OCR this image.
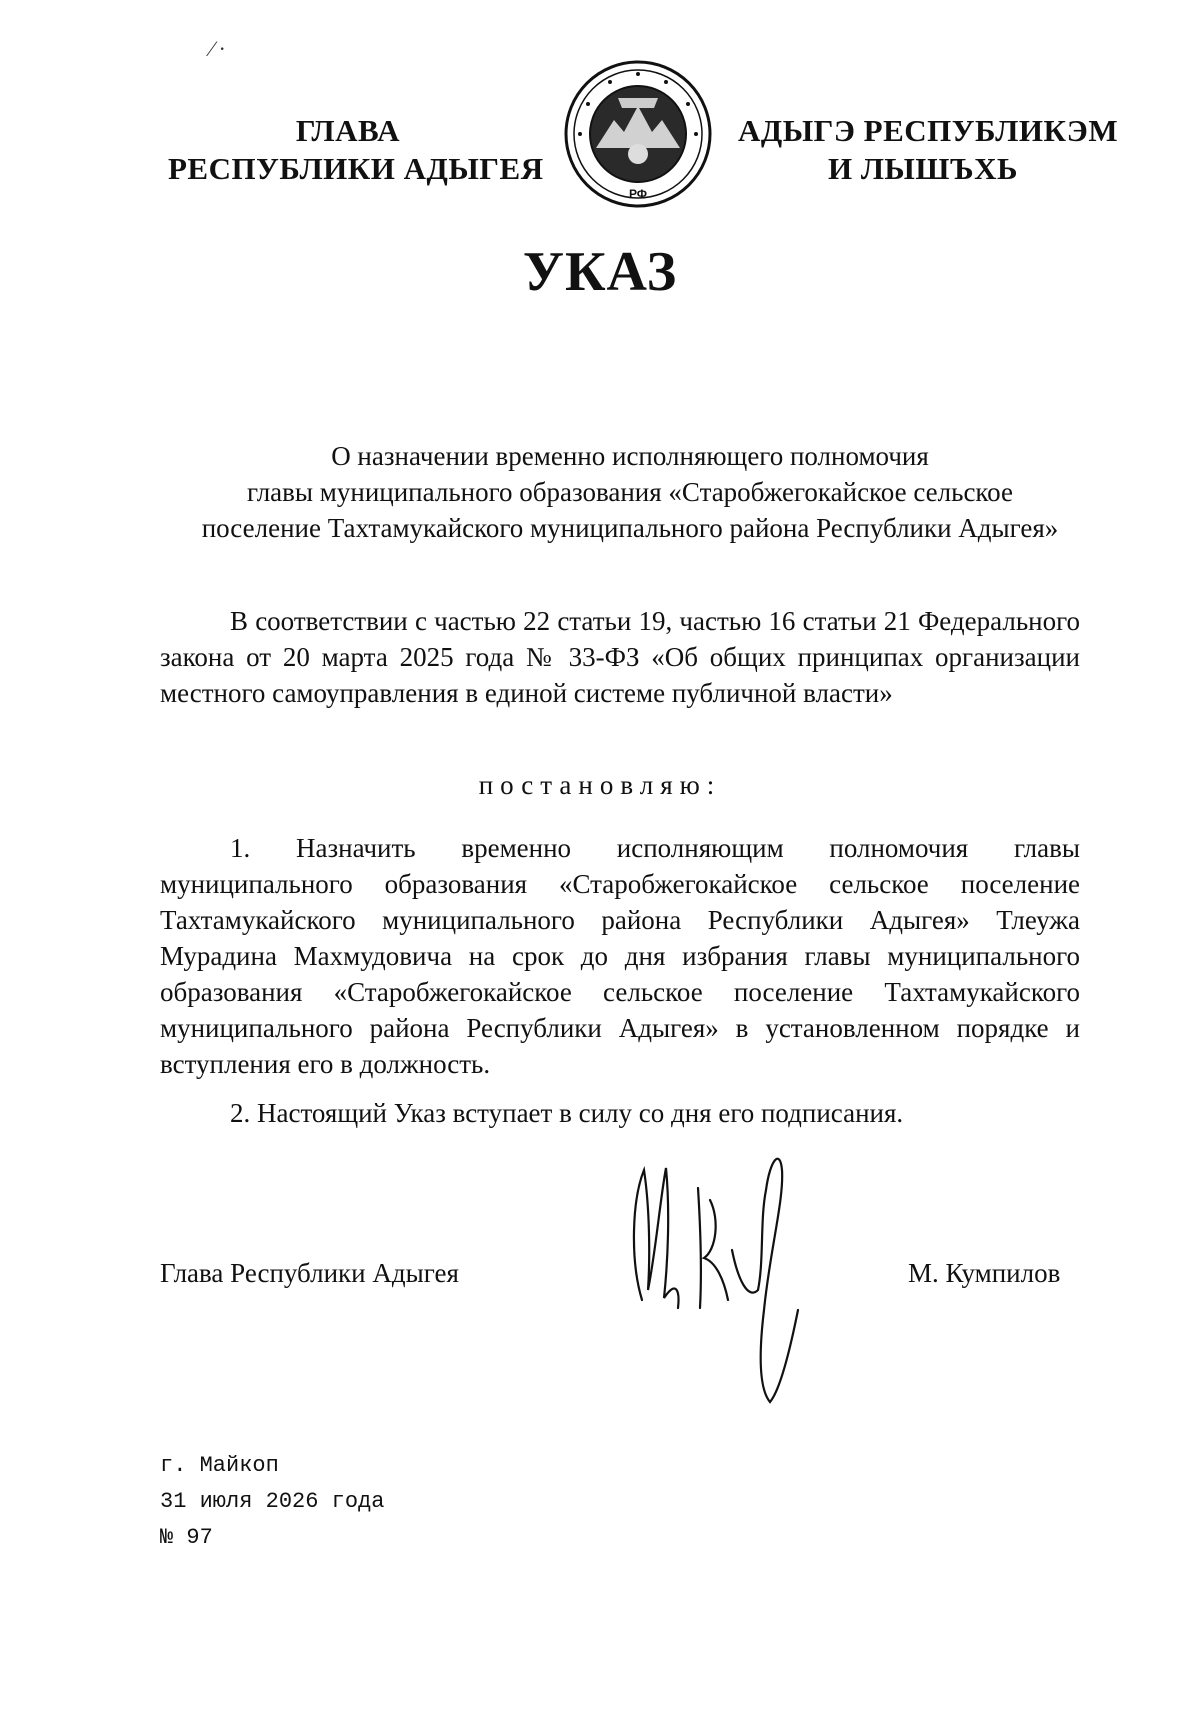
⁄ ·
ГЛАВА
РЕСПУБЛИКИ АДЫГЕЯ
РФ
АДЫГЭ РЕСПУБЛИКЭМ
И ЛЫШЪХЬ
УКАЗ
О назначении временно исполняющего полномочия
главы муниципального образования «Старобжегокайское сельское
поселение Тахтамукайского муниципального района Республики Адыгея»
В соответствии с частью 22 статьи 19, частью 16 статьи 21 Федерального закона от 20 марта 2025 года № 33-ФЗ «Об общих принципах организации местного самоуправления в единой системе публичной власти»
постановляю:
1. Назначить временно исполняющим полномочия главы муниципального образования «Старобжегокайское сельское поселение Тахтамукайского муниципального района Республики Адыгея» Тлеужа Мурадина Махмудовича на срок до дня избрания главы муниципального образования «Старобжегокайское сельское поселение Тахтамукайского муниципального района Республики Адыгея» в установленном порядке и вступления его в должность.
2. Настоящий Указ вступает в силу со дня его подписания.
Глава Республики Адыгея	М. Кумпилов
г. Майкоп
31 июля 2026 года
№ 97
